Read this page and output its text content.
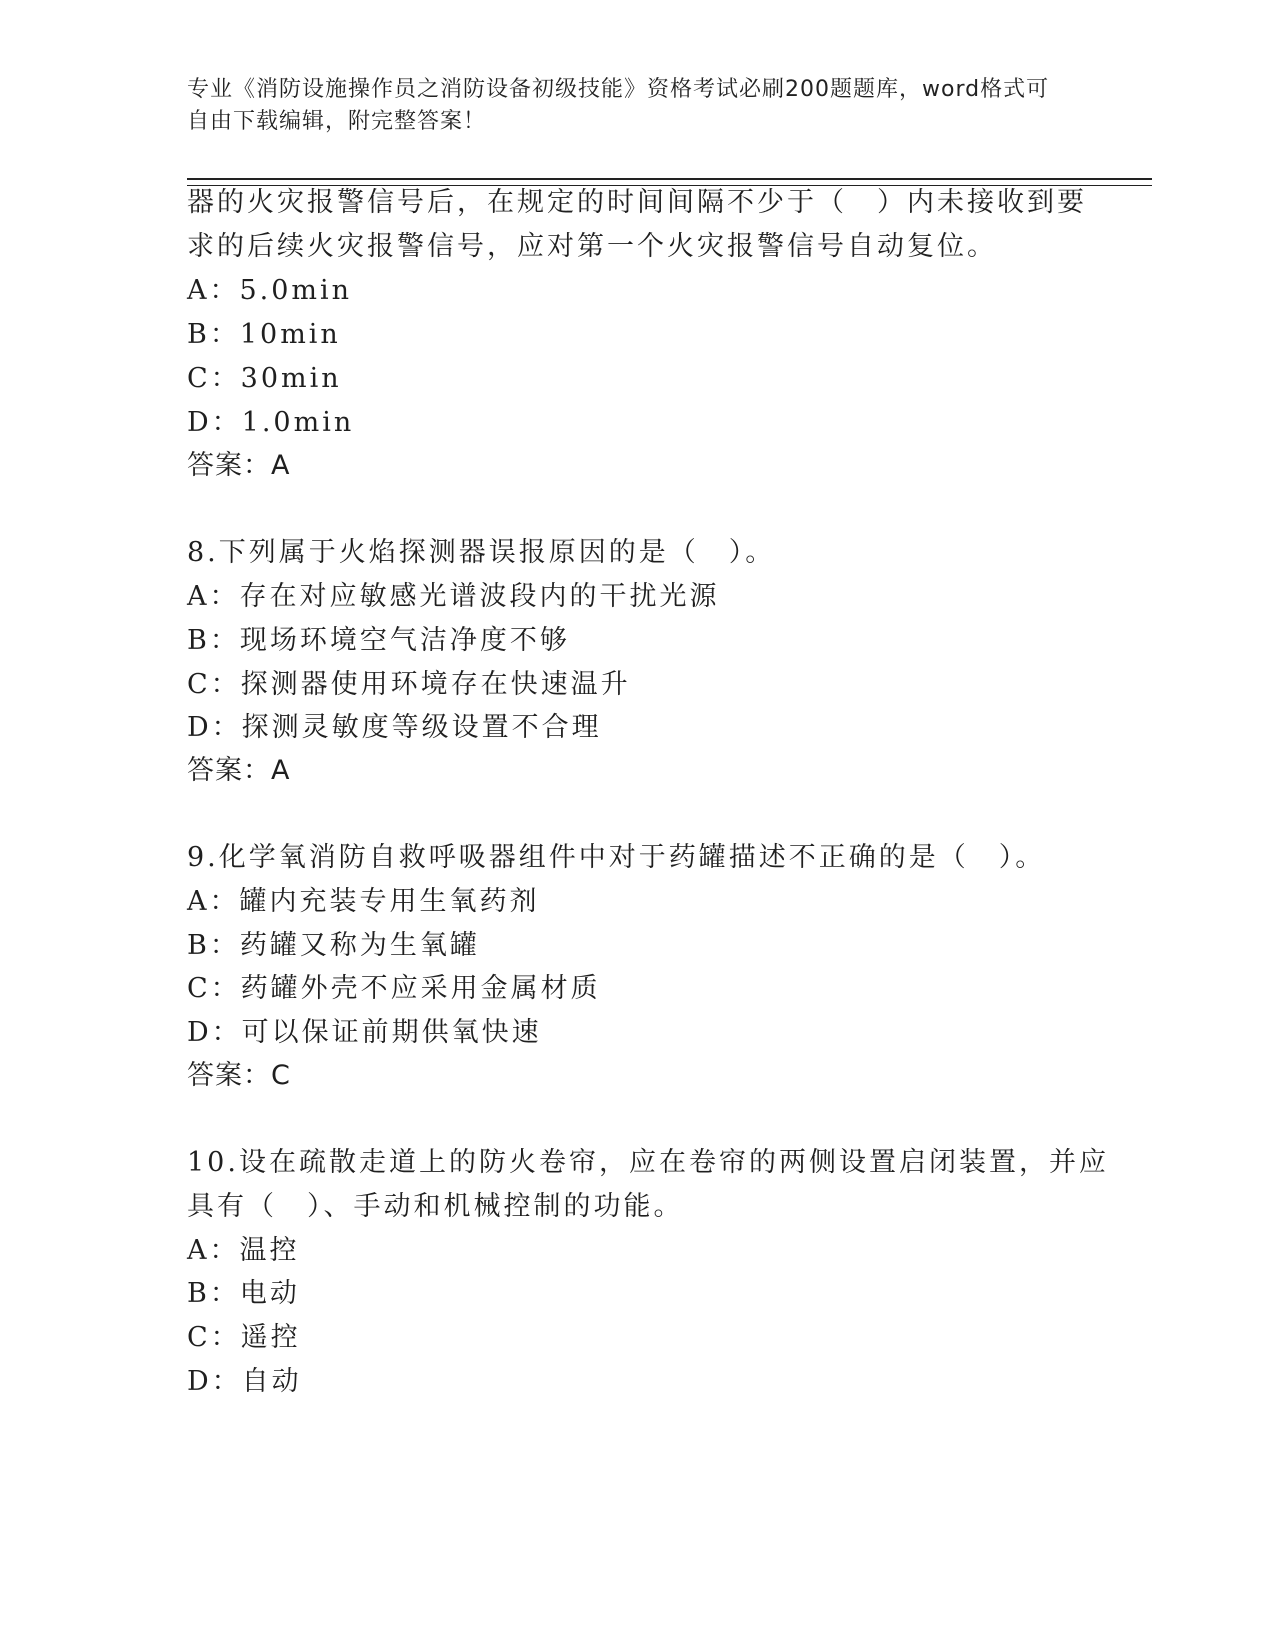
专业《消防设施操作员之消防设备初级技能》资格考试必刷200题题库，word格式可自由下载编辑，附完整答案！
器的火灾报警信号后，在规定的时间间隔不少于（　）内未接收到要
求的后续火灾报警信号，应对第一个火灾报警信号自动复位。
A：5.0min
B：10min
C：30min
D：1.0min
答案：A
8.下列属于火焰探测器误报原因的是（　）。
A：存在对应敏感光谱波段内的干扰光源
B：现场环境空气洁净度不够
C：探测器使用环境存在快速温升
D：探测灵敏度等级设置不合理
答案：A
9.化学氧消防自救呼吸器组件中对于药罐描述不正确的是（　）。
A：罐内充装专用生氧药剂
B：药罐又称为生氧罐
C：药罐外壳不应采用金属材质
D：可以保证前期供氧快速
答案：C
10.设在疏散走道上的防火卷帘，应在卷帘的两侧设置启闭装置，并应
具有（　）、手动和机械控制的功能。
A：温控
B：电动
C：遥控
D：自动
